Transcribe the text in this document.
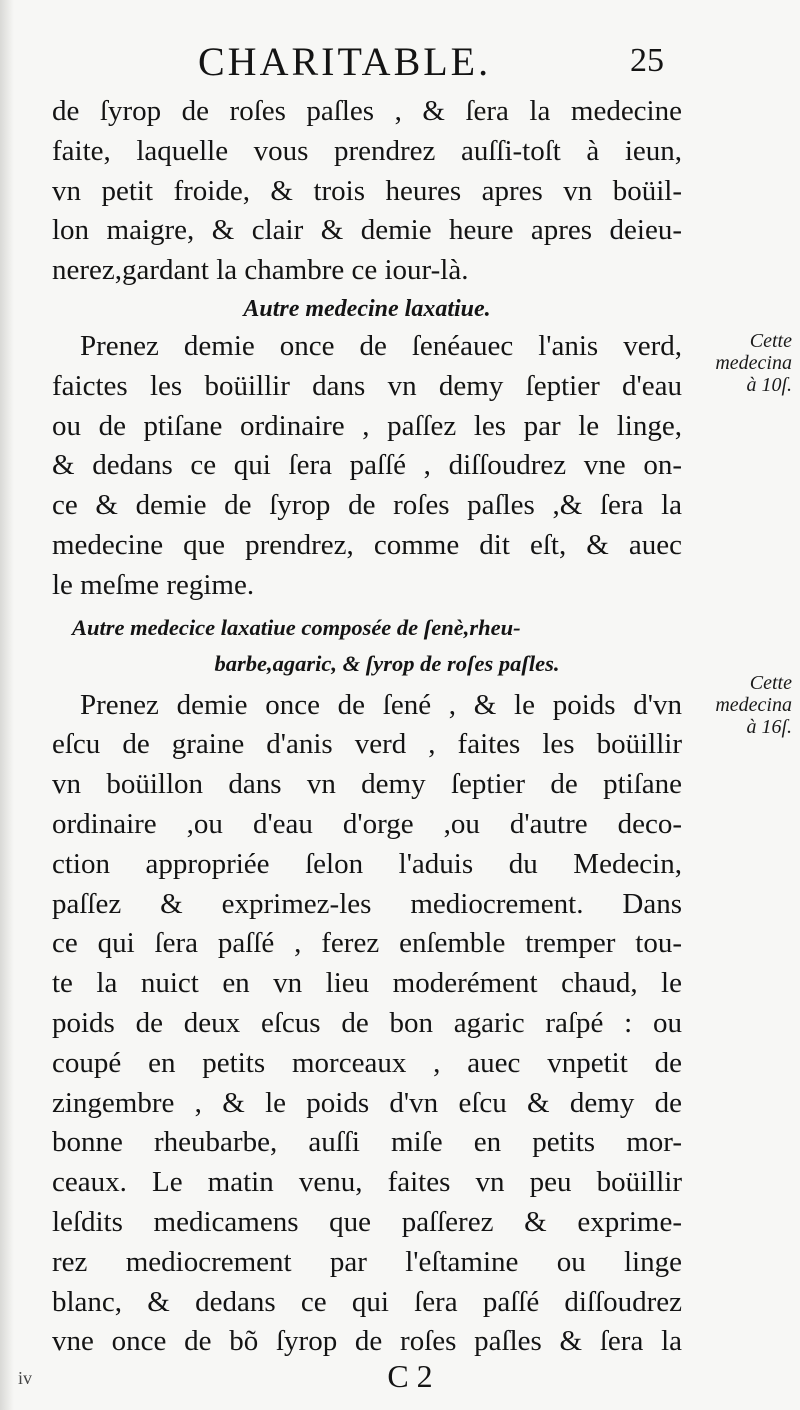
CHARITABLE.	25
de ſyrop de roſes paſles , & ſera la medecine
faite, laquelle vous prendrez auſſi-toſt à ieun,
vn petit froide, & trois heures apres vn boüil-
lon maigre, & clair & demie heure apres deieu-
nerez,gardant la chambre ce iour-là.
Autre medecine laxatiue.
Prenez demie once de ſenéauec l'anis verd,
faictes les boüillir dans vn demy ſeptier d'eau
ou de ptiſane ordinaire , paſſez les par le linge,
& dedans ce qui ſera paſſé , diſſoudrez vne on-
ce & demie de ſyrop de roſes paſles ,& ſera la
medecine que prendrez, comme dit eſt, & auec
le meſme regime.
Autre medecice laxatiue composée de ſenè,rheu-
barbe,agaric, & ſyrop de roſes paſles.
Prenez demie once de ſené , & le poids d'vn
eſcu de graine d'anis verd , faites les boüillir
vn boüillon dans vn demy ſeptier de ptiſane
ordinaire ,ou d'eau d'orge ,ou d'autre deco-
ction appropriée ſelon l'aduis du Medecin,
paſſez & exprimez-les mediocrement. Dans
ce qui ſera paſſé , ferez enſemble tremper tou-
te la nuict en vn lieu moderément chaud, le
poids de deux eſcus de bon agaric raſpé : ou
coupé en petits morceaux , auec vnpetit de
zingembre , & le poids d'vn eſcu & demy de
bonne rheubarbe, auſſi miſe en petits mor-
ceaux. Le matin venu, faites vn peu boüillir
leſdits medicamens que paſſerez & exprime-
rez mediocrement par l'eſtamine ou linge
blanc, & dedans ce qui ſera paſſé diſſoudrez
vne once de bõ ſyrop de roſes paſles & ſera la
Cette
medecina
à 10ſ.
Cette
medecina
à 16ſ.
iv	C 2
